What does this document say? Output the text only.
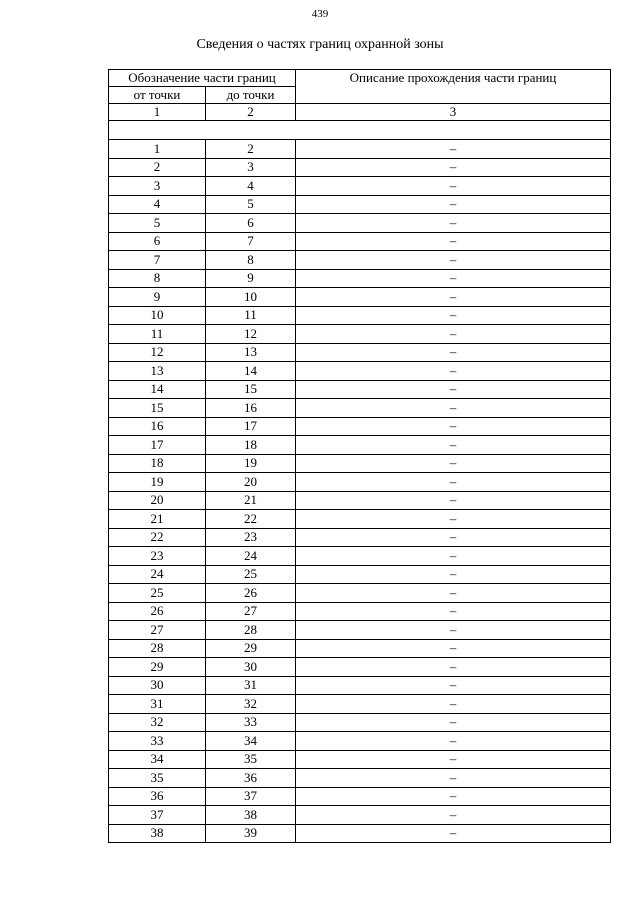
439
Сведения о частях границ охранной зоны
Обозначение части границ		Описание прохождения части границ
от точки	до точки	
1	2	3

1	2	–
2	3	–
3	4	–
4	5	–
5	6	–
6	7	–
7	8	–
8	9	–
9	10	–
10	11	–
11	12	–
12	13	–
13	14	–
14	15	–
15	16	–
16	17	–
17	18	–
18	19	–
19	20	–
20	21	–
21	22	–
22	23	–
23	24	–
24	25	–
25	26	–
26	27	–
27	28	–
28	29	–
29	30	–
30	31	–
31	32	–
32	33	–
33	34	–
34	35	–
35	36	–
36	37	–
37	38	–
38	39	–
